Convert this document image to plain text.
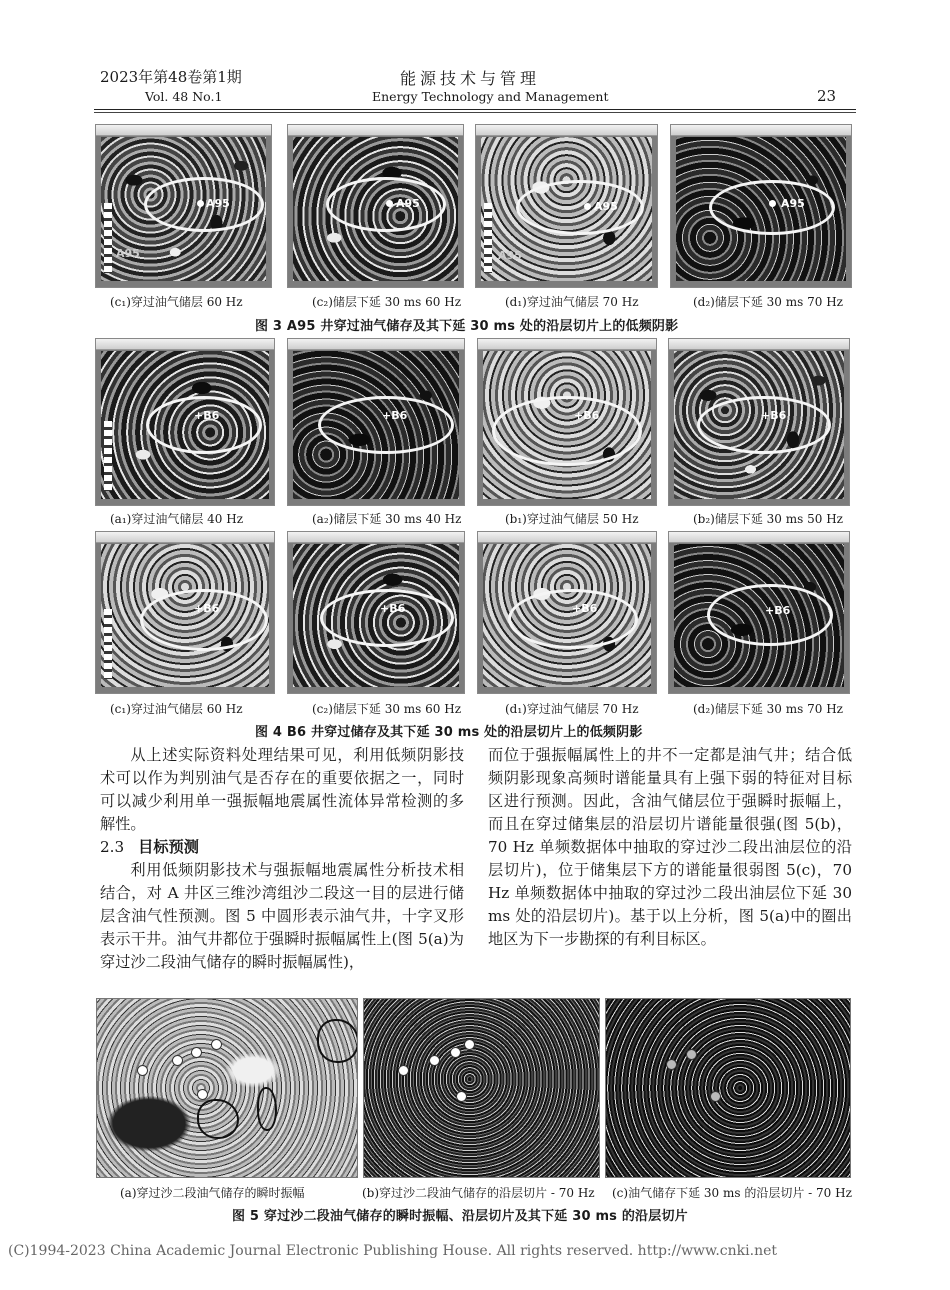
2023年第48卷第1期	能源技术与管理
Vol. 48 No.1	Energy Technology and Management	23
A95
A95
A95	A95
A95
A95
(c₁)穿过油气储层 60 Hz	(c₂)储层下延 30 ms 60 Hz	(d₁)穿过油气储层 70 Hz	(d₂)储层下延 30 ms 70 Hz
图 3 A95 井穿过油气储存及其下延 30 ms 处的沿层切片上的低频阴影
+B6	+B6	+B6	+B6
(a₁)穿过油气储层 40 Hz	(a₂)储层下延 30 ms 40 Hz	(b₁)穿过油气储层 50 Hz	(b₂)储层下延 30 ms 50 Hz
+B6	+B6	+B6	+B6
(c₁)穿过油气储层 60 Hz	(c₂)储层下延 30 ms 60 Hz	(d₁)穿过油气储层 70 Hz	(d₂)储层下延 30 ms 70 Hz
图 4 B6 井穿过储存及其下延 30 ms 处的沿层切片上的低频阴影

从上述实际资料处理结果可见，利用低频阴影技术可以作为判别油气是否存在的重要依据之一，同时可以减少利用单一强振幅地震属性流体异常检测的多解性。

2.3 目标预测

利用低频阴影技术与强振幅地震属性分析技术相结合，对 A 井区三维沙湾组沙二段这一目的层进行储层含油气性预测。图 5 中圆形表示油气井，十字叉形表示干井。油气井都位于强瞬时振幅属性上(图 5(a)为穿过沙二段油气储存的瞬时振幅属性)，

而位于强振幅属性上的井不一定都是油气井；结合低频阴影现象高频时谱能量具有上强下弱的特征对目标区进行预测。因此，含油气储层位于强瞬时振幅上，而且在穿过储集层的沿层切片谱能量很强(图 5(b)，70 Hz 单频数据体中抽取的穿过沙二段出油层位的沿层切片)，位于储集层下方的谱能量很弱图 5(c)，70 Hz 单频数据体中抽取的穿过沙二段出油层位下延 30 ms 处的沿层切片)。基于以上分析，图 5(a)中的圈出地区为下一步勘探的有利目标区。

(a)穿过沙二段油气储存的瞬时振幅	(b)穿过沙二段油气储存的沿层切片 - 70 Hz (c)油气储存下延 30 ms 的沿层切片 - 70 Hz
图 5 穿过沙二段油气储存的瞬时振幅、沿层切片及其下延 30 ms 的沿层切片
(C)1994-2023 China Academic Journal Electronic Publishing House. All rights reserved. http://www.cnki.net
